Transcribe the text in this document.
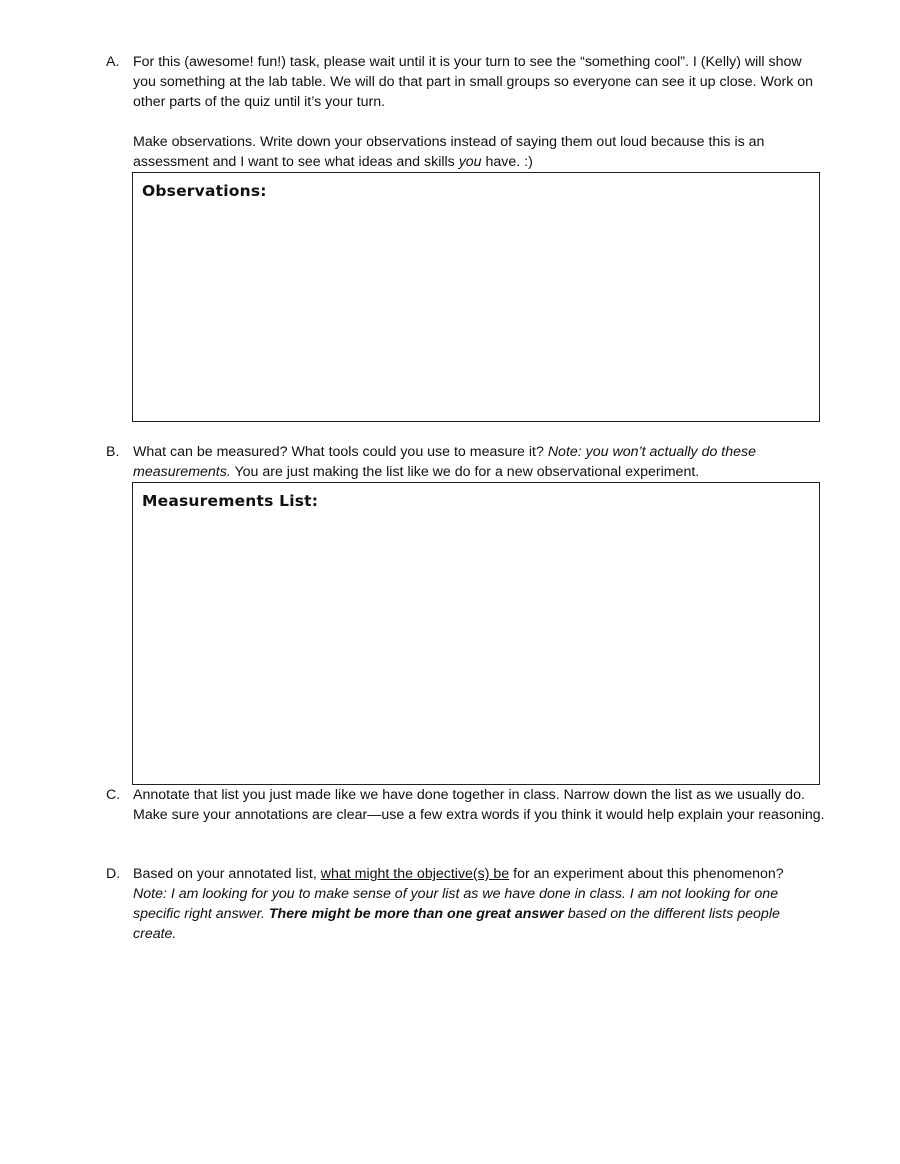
A. For this (awesome! fun!) task, please wait until it is your turn to see the “something cool”. I (Kelly) will show you something at the lab table. We will do that part in small groups so everyone can see it up close. Work on other parts of the quiz until it’s your turn.

Make observations. Write down your observations instead of saying them out loud because this is an assessment and I want to see what ideas and skills you have. :)

Observations:
B. What can be measured? What tools could you use to measure it? Note: you won’t actually do these measurements. You are just making the list like we do for a new observational experiment.

Measurements List:
C. Annotate that list you just made like we have done together in class. Narrow down the list as we usually do. Make sure your annotations are clear—use a few extra words if you think it would help explain your reasoning.

D. Based on your annotated list, what might the objective(s) be for an experiment about this phenomenon?
Note: I am looking for you to make sense of your list as we have done in class. I am not looking for one specific right answer. There might be more than one great answer based on the different lists people create.
